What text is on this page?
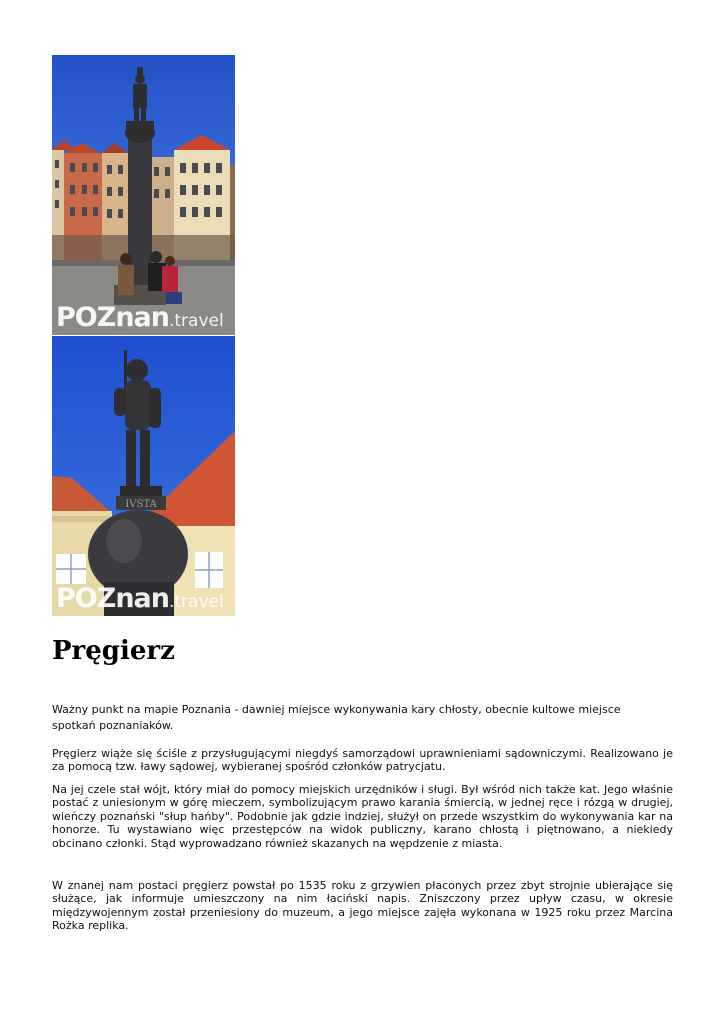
POZnan.travel
IVSTA
POZnan.travel
Pręgierz

Ważny punkt na mapie Poznania - dawniej miejsce wykonywania kary chłosty, obecnie kultowe miejsce spotkań poznaniaków.

Pręgierz wiąże się ściśle z przysługującymi niegdyś samorządowi uprawnieniami sądowniczymi. Realizowano je za pomocą tzw. ławy sądowej, wybieranej spośród członków patrycjatu.

Na jej czele stał wójt, który miał do pomocy miejskich urzędników i sługi. Był wśród nich także kat. Jego właśnie postać z uniesionym w górę mieczem, symbolizującym prawo karania śmiercią, w jednej ręce i rózgą w drugiej, wieńczy poznański "słup hańby". Podobnie jak gdzie indziej, służył on przede wszystkim do wykonywania kar na honorze. Tu wystawiano więc przestępców na widok publiczny, karano chłostą i piętnowano, a niekiedy obcinano członki. Stąd wyprowadzano również skazanych na wępdzenie z miasta.

W znanej nam postaci pręgierz powstał po 1535 roku z grzywien płaconych przez zbyt strojnie ubierające się służące, jak informuje umieszczony na nim łaciński napis. Zniszczony przez upływ czasu, w okresie międzywojennym został przeniesiony do muzeum, a jego miejsce zajęła wykonana w 1925 roku przez Marcina Rożka replika.
